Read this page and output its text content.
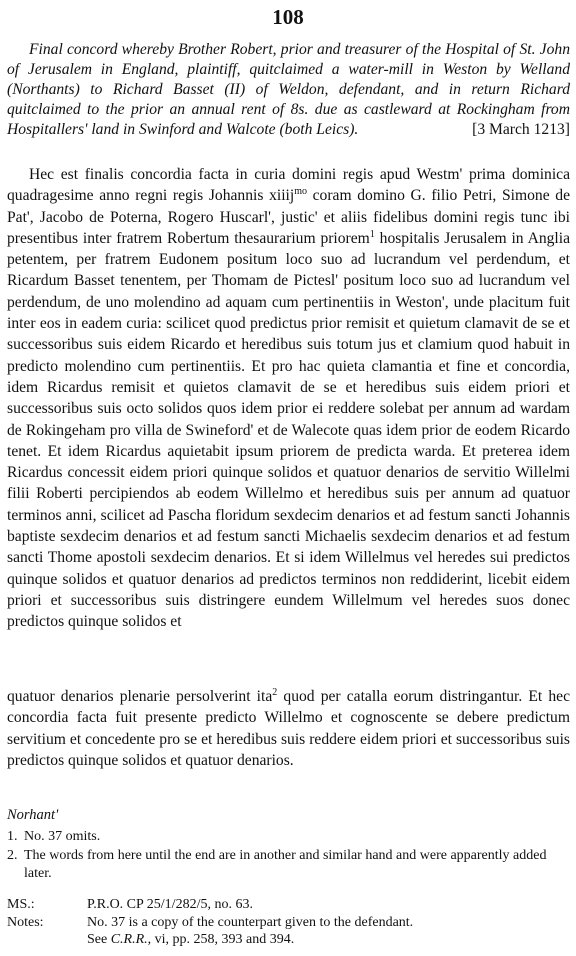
108

Final concord whereby Brother Robert, prior and treasurer of the Hospital of St. John of Jerusalem in England, plaintiff, quitclaimed a water-mill in Weston by Welland (Northants) to Richard Basset (II) of Weldon, defendant, and in return Richard quitclaimed to the prior an annual rent of 8s. due as castleward at Rockingham from Hospitallers' land in Swinford and Walcote (both Leics).	[3 March 1213]

Hec est finalis concordia facta in curia domini regis apud Westm' prima dominica quadragesime anno regni regis Johannis xiiij$^{mo}$ coram domino G. filio Petri, Simone de Pat', Jacobo de Poterna, Rogero Huscarl', justic' et aliis fidelibus domini regis tunc ibi presentibus inter fratrem Robertum thesaurarium priorem$^1$ hospitalis Jerusalem in Anglia petentem, per fratrem Eudonem positum loco suo ad lucrandum vel perdendum, et Ricardum Basset tenentem, per Thomam de Pictesl' positum loco suo ad lucrandum vel perdendum, de uno molendino ad aquam cum pertinentiis in Weston', unde placitum fuit inter eos in eadem curia: scilicet quod predictus prior remisit et quietum clamavit de se et successoribus suis eidem Ricardo et heredibus suis totum jus et clamium quod habuit in predicto molendino cum pertinentiis. Et pro hac quieta clamantia et fine et concordia, idem Ricardus remisit et quietos clamavit de se et heredibus suis eidem priori et successoribus suis octo solidos quos idem prior ei reddere solebat per annum ad wardam de Rokingeham pro villa de Swineford' et de Walecote quas idem prior de eodem Ricardo tenet. Et idem Ricardus aquietabit ipsum priorem de predicta warda. Et preterea idem Ricardus concessit eidem priori quinque solidos et quatuor denarios de servitio Willelmi filii Roberti percipiendos ab eodem Willelmo et heredibus suis per annum ad quatuor terminos anni, scilicet ad Pascha floridum sexdecim denarios et ad festum sancti Johannis baptiste sexdecim denarios et ad festum sancti Michaelis sexdecim denarios et ad festum sancti Thome apostoli sexdecim denarios. Et si idem Willelmus vel heredes sui predictos quinque solidos et quatuor denarios ad predictos terminos non reddiderint, licebit eidem priori et successoribus suis distringere eundem Willelmum vel heredes suos donec predictos quinque solidos et

quatuor denarios plenarie persolverint ita$^2$ quod per catalla eorum distringantur. Et hec concordia facta fuit presente predicto Willelmo et cognoscente se debere predictum servitium et concedente pro se et heredibus suis reddere eidem priori et successoribus suis predictos quinque solidos et quatuor denarios.

Norhant'
1. No. 37 omits.
2. The words from here until the end are in another and similar hand and were apparently added later.
MS.:	P.R.O. CP 25/1/282/5, no. 63.
Notes:	No. 37 is a copy of the counterpart given to the defendant.
See C.R.R., vi, pp. 258, 393 and 394.
